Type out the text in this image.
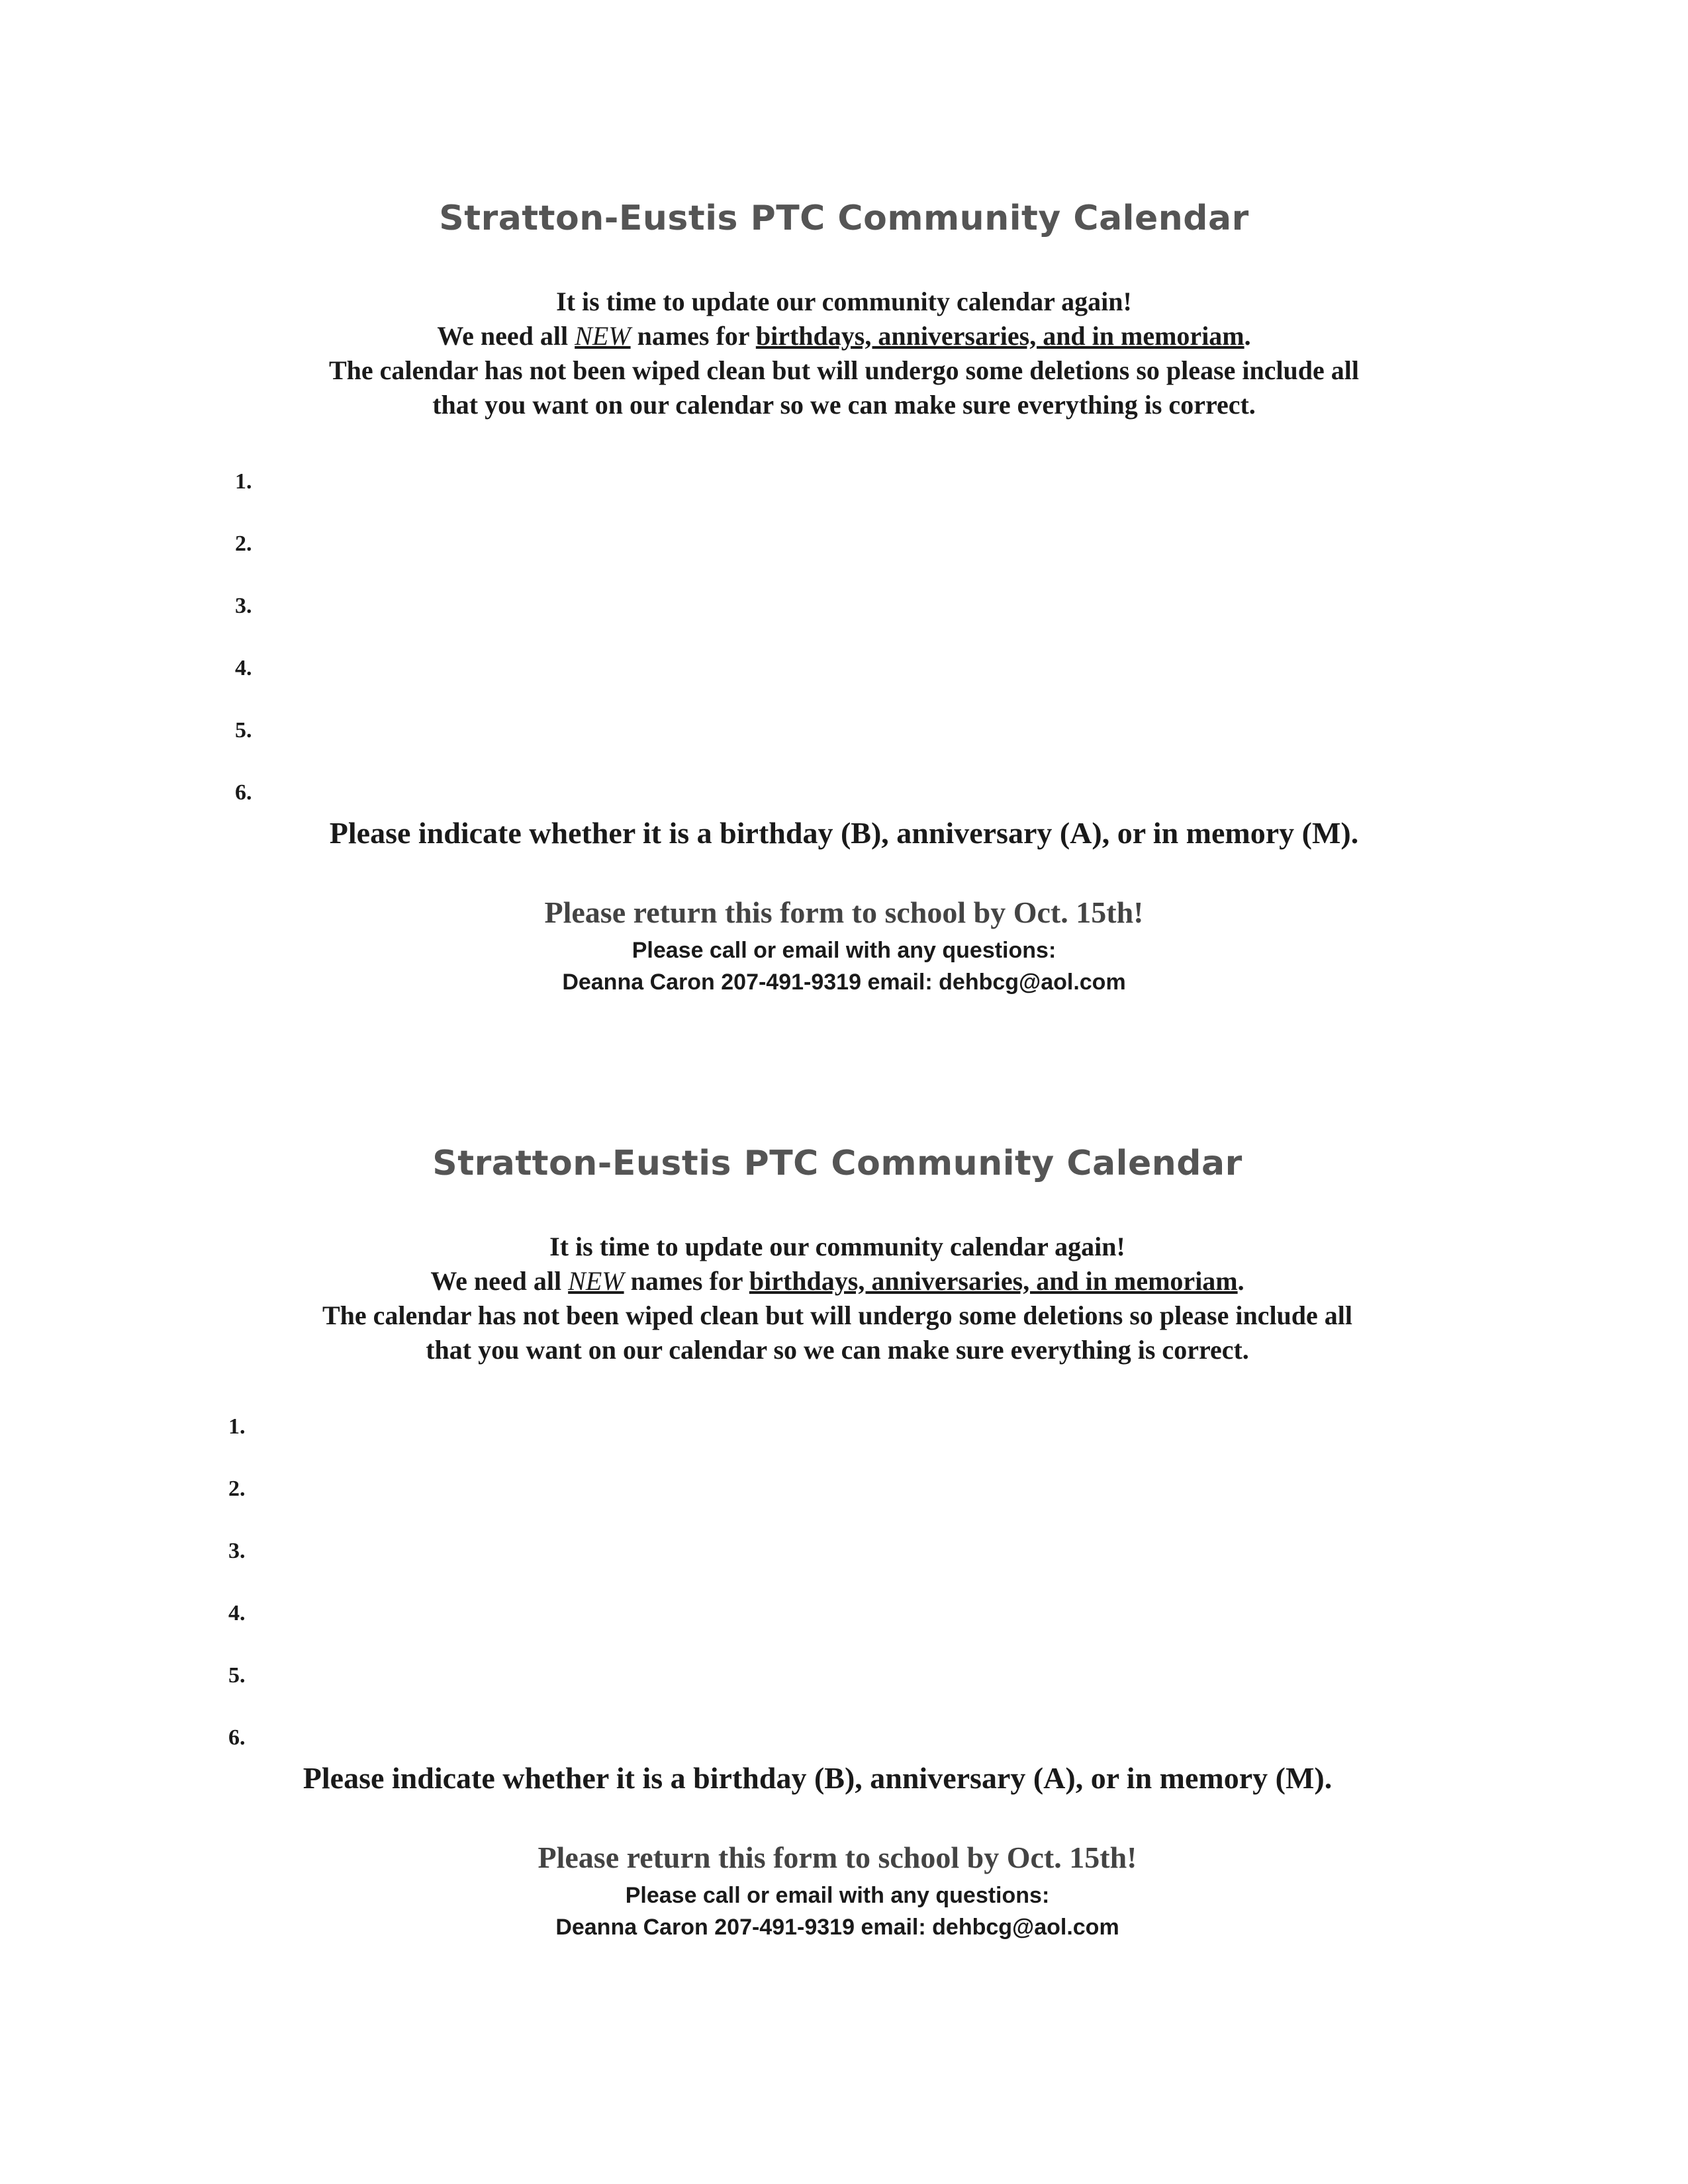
Stratton-Eustis PTC Community Calendar
It is time to update our community calendar again!
We need all NEW names for birthdays, anniversaries, and in memoriam.
The calendar has not been wiped clean but will undergo some deletions so please include all
that you want on our calendar so we can make sure everything is correct.
1.
2.
3.
4.
5.
6.
Please indicate whether it is a birthday (B), anniversary (A), or in memory (M).
Please return this form to school by Oct. 15th!
Please call or email with any questions:
Deanna Caron 207-491-9319 email: dehbcg@aol.com
Stratton-Eustis PTC Community Calendar
It is time to update our community calendar again!
We need all NEW names for birthdays, anniversaries, and in memoriam.
The calendar has not been wiped clean but will undergo some deletions so please include all
that you want on our calendar so we can make sure everything is correct.
1.
2.
3.
4.
5.
6.
Please indicate whether it is a birthday (B), anniversary (A), or in memory (M).
Please return this form to school by Oct. 15th!
Please call or email with any questions:
Deanna Caron 207-491-9319 email: dehbcg@aol.com
